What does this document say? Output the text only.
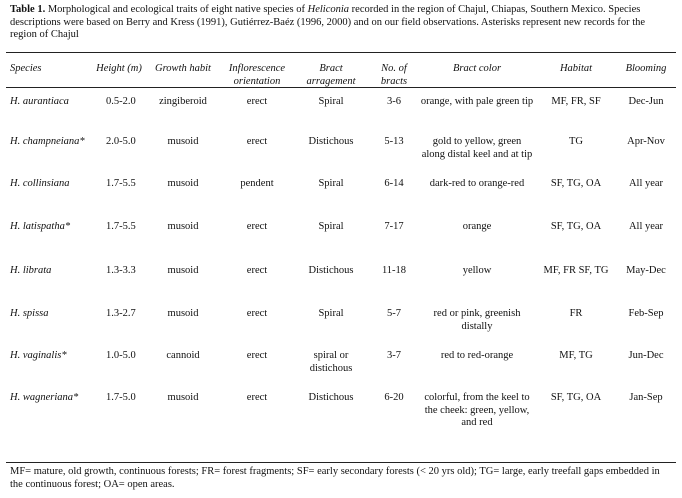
Table 1. Morphological and ecological traits of eight native species of Heliconia recorded in the region of Chajul, Chiapas, Southern Mexico. Species descriptions were based on Berry and Kress (1991), Gutiérrez-Baéz (1996, 2000) and on our field observations. Asterisks represent new records for the region of Chajul
Species	Height (m)	Growth habit	Inflorescence orientation	Bract arragement	No. of bracts	Bract color	Habitat	Blooming
H. aurantiaca	0.5-2.0	zingiberoid	erect	Spiral	3-6	orange, with pale green tip	MF, FR, SF	Dec-Jun
H. champneiana*	2.0-5.0	musoid	erect	Distichous	5-13	gold to yellow, green along distal keel and at tip	TG	Apr-Nov
H. collinsiana	1.7-5.5	musoid	pendent	Spiral	6-14	dark-red to orange-red	SF, TG, OA	All year
H. latispatha*	1.7-5.5	musoid	erect	Spiral	7-17	orange	SF, TG, OA	All year
H. librata	1.3-3.3	musoid	erect	Distichous	11-18	yellow	MF, FR SF, TG	May-Dec
H. spissa	1.3-2.7	musoid	erect	Spiral	5-7	red or pink, greenish distally	FR	Feb-Sep
H. vaginalis*	1.0-5.0	cannoid	erect	spiral or distichous	3-7	red to red-orange	MF, TG	Jun-Dec
H. wagneriana*	1.7-5.0	musoid	erect	Distichous	6-20	colorful, from the keel to the cheek: green, yellow, and red	SF, TG, OA	Jan-Sep
MF= mature, old growth, continuous forests; FR= forest fragments; SF= early secondary forests (< 20 yrs old); TG= large, early treefall gaps embedded in the continuous forest; OA= open areas.
